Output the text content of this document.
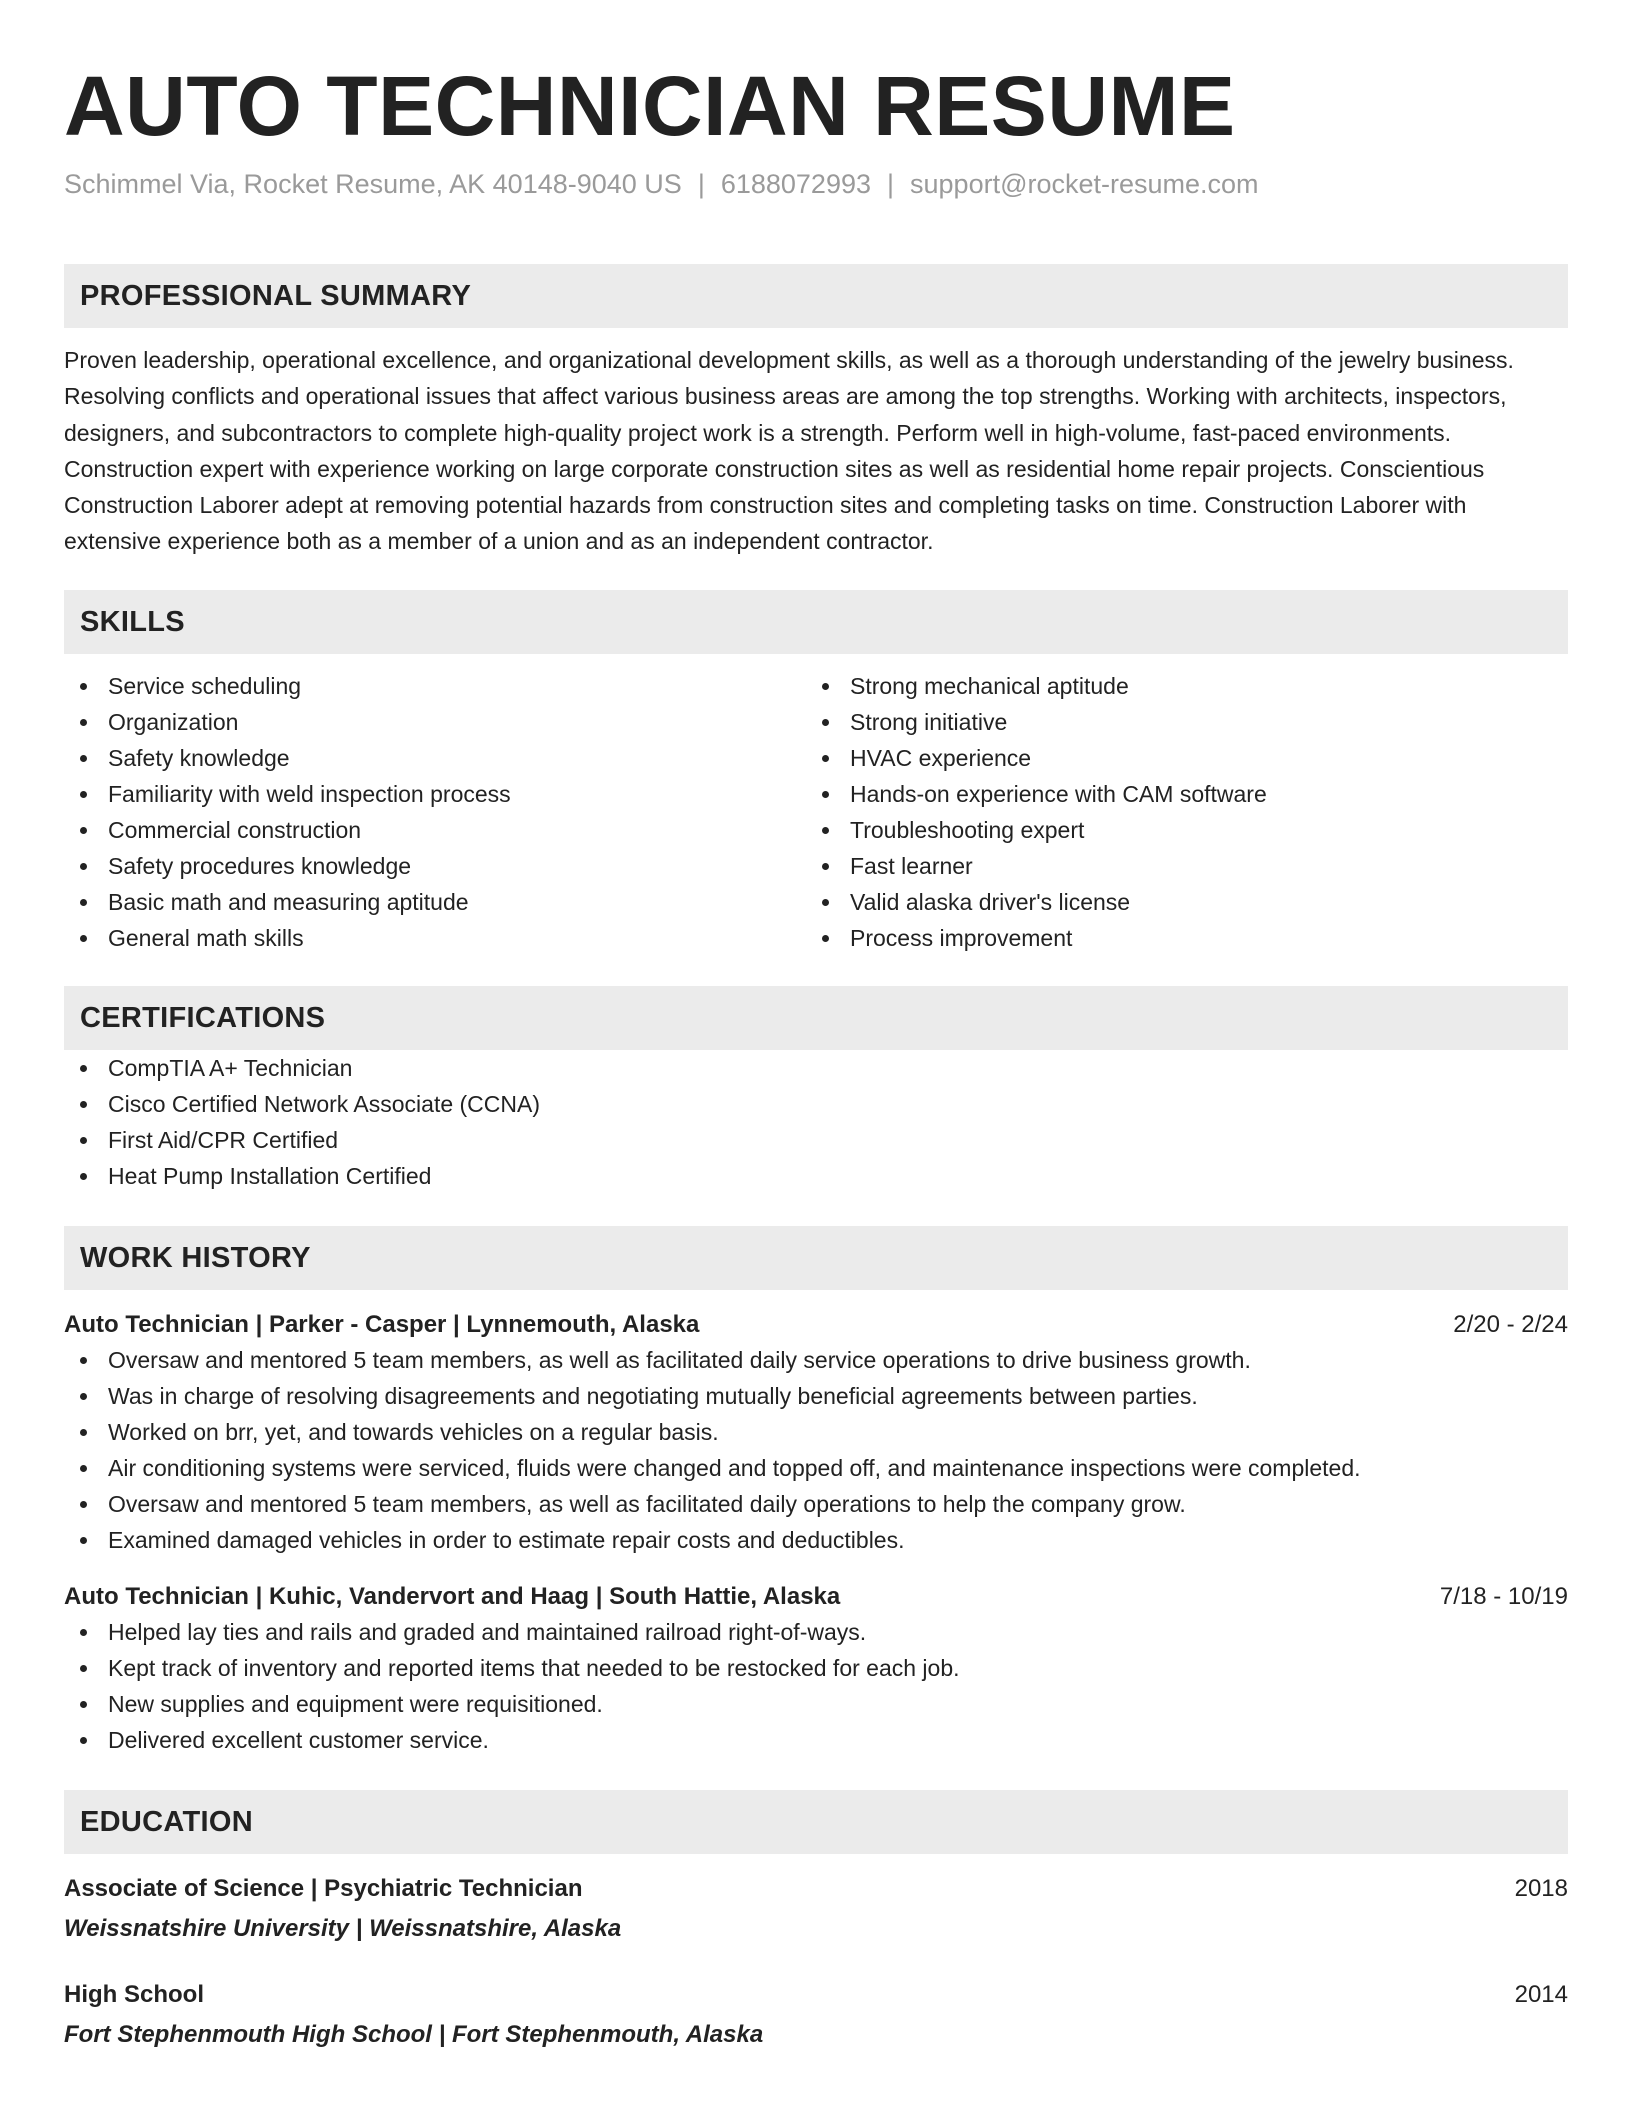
AUTO TECHNICIAN RESUME
Schimmel Via, Rocket Resume, AK 40148-9040 US | 6188072993 | support@rocket-resume.com
PROFESSIONAL SUMMARY

Proven leadership, operational excellence, and organizational development skills, as well as a thorough understanding of the jewelry business. Resolving conflicts and operational issues that affect various business areas are among the top strengths. Working with architects, inspectors, designers, and subcontractors to complete high-quality project work is a strength. Perform well in high-volume, fast-paced environments. Construction expert with experience working on large corporate construction sites as well as residential home repair projects. Conscientious Construction Laborer adept at removing potential hazards from construction sites and completing tasks on time. Construction Laborer with extensive experience both as a member of a union and as an independent contractor.

SKILLS
Service scheduling
Organization
Safety knowledge
Familiarity with weld inspection process
Commercial construction
Safety procedures knowledge
Basic math and measuring aptitude
General math skills
Strong mechanical aptitude
Strong initiative
HVAC experience
Hands-on experience with CAM software
Troubleshooting expert
Fast learner
Valid alaska driver's license
Process improvement
CERTIFICATIONS
CompTIA A+ Technician
Cisco Certified Network Associate (CCNA)
First Aid/CPR Certified
Heat Pump Installation Certified
WORK HISTORY
Auto Technician | Parker - Casper | Lynnemouth, Alaska	2/20 - 2/24
Oversaw and mentored 5 team members, as well as facilitated daily service operations to drive business growth.
Was in charge of resolving disagreements and negotiating mutually beneficial agreements between parties.
Worked on brr, yet, and towards vehicles on a regular basis.
Air conditioning systems were serviced, fluids were changed and topped off, and maintenance inspections were completed.
Oversaw and mentored 5 team members, as well as facilitated daily operations to help the company grow.
Examined damaged vehicles in order to estimate repair costs and deductibles.
Auto Technician | Kuhic, Vandervort and Haag | South Hattie, Alaska	7/18 - 10/19
Helped lay ties and rails and graded and maintained railroad right-of-ways.
Kept track of inventory and reported items that needed to be restocked for each job.
New supplies and equipment were requisitioned.
Delivered excellent customer service.
EDUCATION
Associate of Science | Psychiatric Technician	2018
Weissnatshire University | Weissnatshire, Alaska
High School	2014
Fort Stephenmouth High School | Fort Stephenmouth, Alaska
